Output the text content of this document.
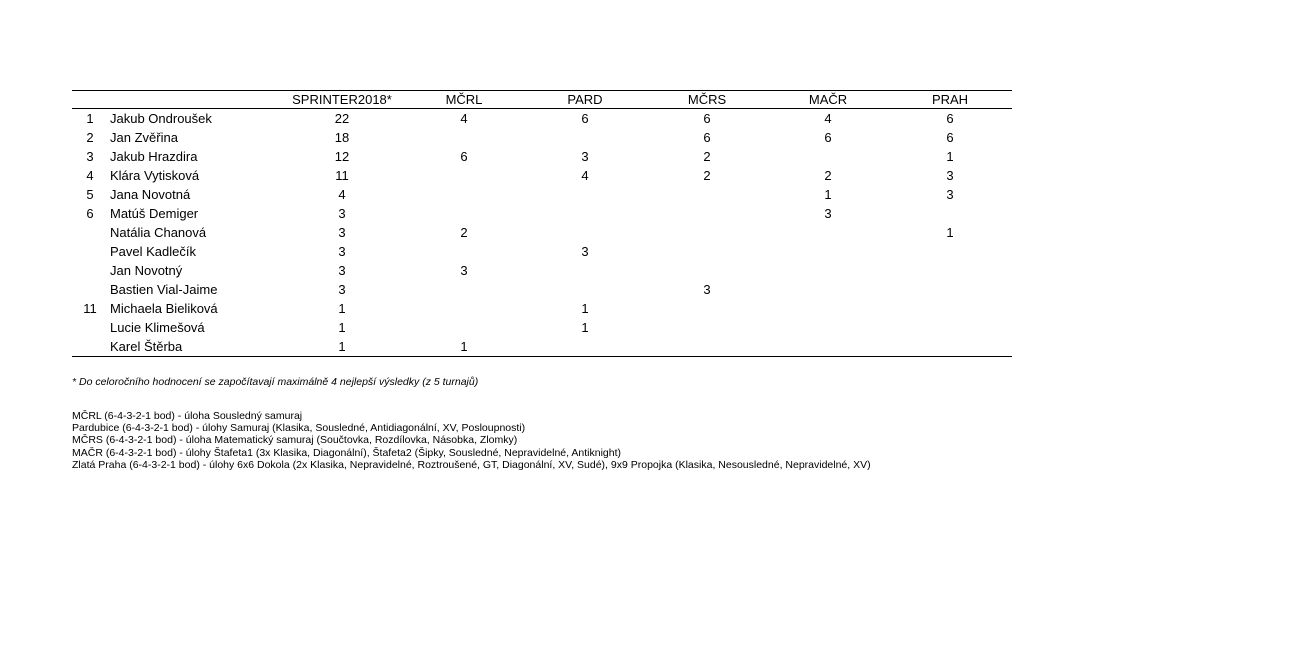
		SPRINTER2018*	MČRL	PARD	MČRS	MAČR	PRAH
1	Jakub Ondroušek	22	4	6	6	4	6
2	Jan Zvěřina	18			6	6	6
3	Jakub Hrazdira	12	6	3	2		1
4	Klára Vytisková	11		4	2	2	3
5	Jana Novotná	4				1	3
6	Matúš Demiger	3				3	
	Natália Chanová	3	2				1
	Pavel Kadlečík	3		3			
	Jan Novotný	3	3				
	Bastien Vial-Jaime	3			3		
11	Michaela Bieliková	1		1			
	Lucie Klimešová	1		1			
	Karel Štěrba	1	1				

* Do celoročního hodnocení se započítavají maximálně 4 nejlepší výsledky (z 5 turnajů)

MČRL (6-4-3-2-1 bod) - úloha Sousledný samuraj
Pardubice (6-4-3-2-1 bod) - úlohy Samuraj (Klasika, Sousledné, Antidiagonální, XV, Posloupnosti)
MČRS (6-4-3-2-1 bod) - úloha Matematický samuraj (Součtovka, Rozdílovka, Násobka, Zlomky)
MAČR (6-4-3-2-1 bod) - úlohy Štafeta1 (3x Klasika, Diagonální), Štafeta2 (Šipky, Sousledné, Nepravidelné, Antiknight)
Zlatá Praha (6-4-3-2-1 bod) - úlohy 6x6 Dokola (2x Klasika, Nepravidelné, Roztroušené, GT, Diagonální, XV, Sudé), 9x9 Propojka (Klasika, Nesousledné, Nepravidelné, XV)
